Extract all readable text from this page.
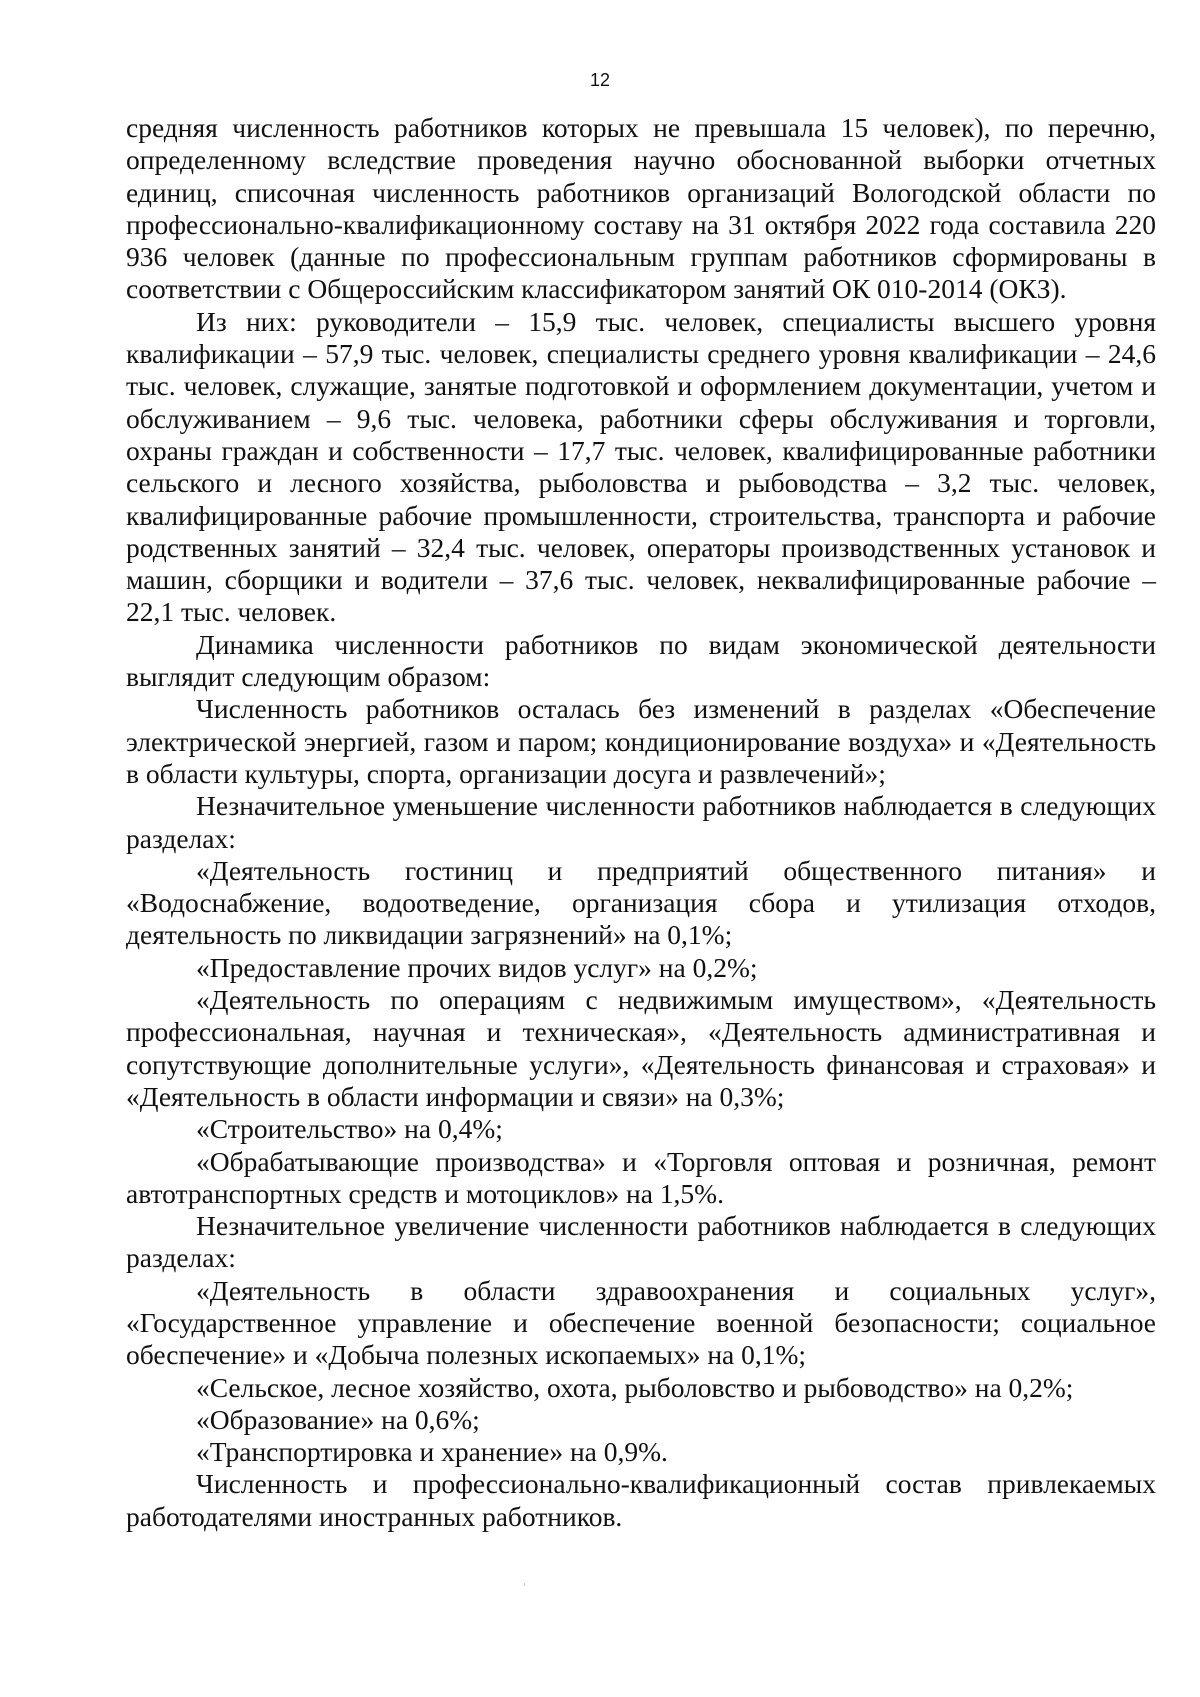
12

средняя численность работников которых не превышала 15 человек), по перечню, определенному вследствие проведения научно обоснованной выборки отчетных единиц, списочная численность работников организаций Вологодской области по профессионально-квалификационному составу на 31 октября 2022 года составила 220 936 человек (данные по профессиональным группам работников сформированы в соответствии с Общероссийским классификатором занятий ОК 010-2014 (ОКЗ).

Из них: руководители – 15,9 тыс. человек, специалисты высшего уровня квалификации – 57,9 тыс. человек, специалисты среднего уровня квалификации – 24,6 тыс. человек, служащие, занятые подготовкой и оформлением документации, учетом и обслуживанием – 9,6 тыс. человека, работники сферы обслуживания и торговли, охраны граждан и собственности – 17,7 тыс. человек, квалифицированные работники сельского и лесного хозяйства, рыболовства и рыбоводства – 3,2 тыс. человек, квалифицированные рабочие промышленности, строительства, транспорта и рабочие родственных занятий – 32,4 тыс. человек, операторы производственных установок и машин, сборщики и водители – 37,6 тыс. человек, неквалифицированные рабочие – 22,1 тыс. человек.

Динамика численности работников по видам экономической деятельности выглядит следующим образом:

Численность работников осталась без изменений в разделах «Обеспечение электрической энергией, газом и паром; кондиционирование воздуха» и «Деятельность в области культуры, спорта, организации досуга и развлечений»;

Незначительное уменьшение численности работников наблюдается в следующих разделах:

«Деятельность гостиниц и предприятий общественного питания» и «Водоснабжение, водоотведение, организация сбора и утилизация отходов, деятельность по ликвидации загрязнений» на 0,1%;

«Предоставление прочих видов услуг» на 0,2%;

«Деятельность по операциям с недвижимым имуществом», «Деятельность профессиональная, научная и техническая», «Деятельность административная и сопутствующие дополнительные услуги», «Деятельность финансовая и страховая» и «Деятельность в области информации и связи» на 0,3%;

«Строительство» на 0,4%;

«Обрабатывающие производства» и «Торговля оптовая и розничная, ремонт автотранспортных средств и мотоциклов» на 1,5%.

Незначительное увеличение численности работников наблюдается в следующих разделах:

«Деятельность в области здравоохранения и социальных услуг», «Государственное управление и обеспечение военной безопасности; социальное обеспечение» и «Добыча полезных ископаемых» на 0,1%;

«Сельское, лесное хозяйство, охота, рыболовство и рыбоводство» на 0,2%;

«Образование» на 0,6%;

«Транспортировка и хранение» на 0,9%.

Численность и профессионально-квалификационный состав привлекаемых работодателями иностранных работников.
